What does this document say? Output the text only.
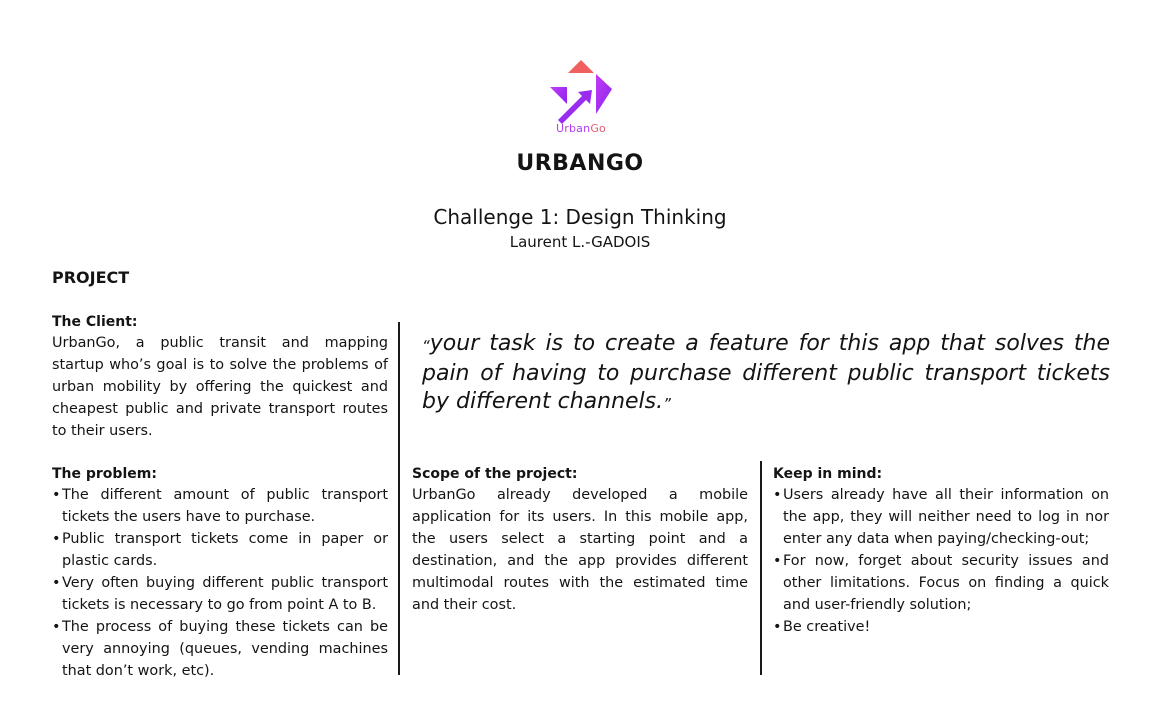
UrbanGo
URBANGO
Challenge 1: Design Thinking
Laurent L.-GADOIS
PROJECT
The Client:
UrbanGo, a public transit and mapping startup who’s goal is to solve the problems of urban mobility by offering the quickest and cheapest public and private transport routes to their users.
“your task is to create a feature for this app that solves the pain of having to purchase different public transport tickets by different channels.”
The problem:
• The different amount of public transport tickets the users have to purchase.
• Public transport tickets come in paper or plastic cards.
• Very often buying different public transport tickets is necessary to go from point A to B.
• The process of buying these tickets can be very annoying (queues, vending machines that don’t work, etc).
Scope of the project:
UrbanGo already developed a mobile application for its users. In this mobile app, the users select a starting point and a destination, and the app provides different multimodal routes with the estimated time and their cost.
Keep in mind:
• Users already have all their information on the app, they will neither need to log in nor enter any data when paying/checking-out;
• For now, forget about security issues and other limitations. Focus on finding a quick and user-friendly solution;
• Be creative!
